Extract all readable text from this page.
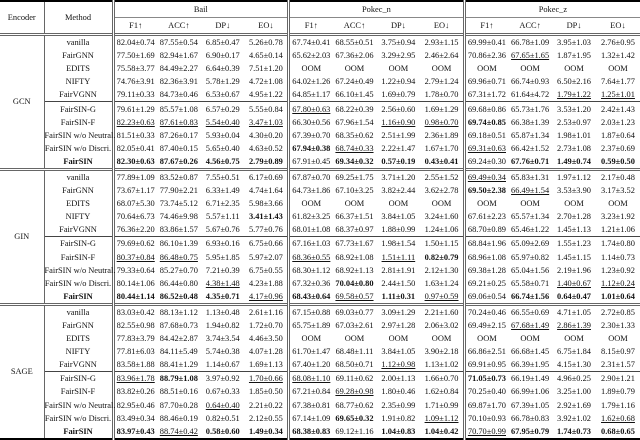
Encoder	Method	Bail				Pokec_n				Pokec_z			
		F1↑	ACC↑	DP↓	EO↓	F1↑	ACC↑	DP↓	EO↓	F1↑	ACC↑	DP↓	EO↓
GCN	vanilla	82.04±0.74	87.55±0.54	6.85±0.47	5.26±0.78	67.74±0.41	68.55±0.51	3.75±0.94	2.93±1.15	69.99±0.41	66.78±1.09	3.95±1.03	2.76±0.95
	FairGNN	77.50±1.69	82.94±1.67	6.90±0.17	4.65±0.14	65.62±2.03	67.36±2.06	3.29±2.95	2.46±2.64	70.86±2.36	67.65±1.65	1.87±1.95	1.32±1.42
	EDITS	75.58±3.77	84.49±2.27	6.64±0.39	7.51±1.20	OOM	OOM	OOM	OOM	OOM	OOM	OOM	OOM
	NIFTY	74.76±3.91	82.36±3.91	5.78±1.29	4.72±1.08	64.02±1.26	67.24±0.49	1.22±0.94	2.79±1.24	69.96±0.71	66.74±0.93	6.50±2.16	7.64±1.77
	FairVGNN	79.11±0.33	84.73±0.46	6.53±0.67	4.95±1.22	64.85±1.17	66.10±1.45	1.69±0.79	1.78±0.70	67.31±1.72	61.64±4.72	1.79±1.22	1.25±1.01
	FairSIN-G	79.61±1.29	85.57±1.08	6.57±0.29	5.55±0.84	67.80±0.63	68.22±0.39	2.56±0.60	1.69±1.29	69.68±0.86	65.73±1.76	3.53±1.20	2.42±1.43
	FairSIN-F	82.23±0.63	87.61±0.83	5.54±0.40	3.47±1.03	66.30±0.56	67.96±1.54	1.16±0.90	0.98±0.70	69.74±0.85	66.38±1.39	2.53±0.97	2.03±1.23
	FairSIN w/o Neutral.	81.51±0.33	87.26±0.17	5.93±0.04	4.30±0.20	67.39±0.70	68.35±0.62	2.51±1.99	2.36±1.89	69.18±0.51	65.87±1.34	1.98±1.01	1.87±0.64
	FairSIN w/o Discri.	82.05±0.41	87.40±0.15	5.65±0.40	4.63±0.52	67.94±0.38	68.74±0.33	2.22±1.47	1.67±1.70	69.31±0.63	66.42±1.52	2.73±1.08	2.37±0.69
	FairSIN	82.30±0.63	87.67±0.26	4.56±0.75	2.79±0.89	67.91±0.45	69.34±0.32	0.57±0.19	0.43±0.41	69.24±0.30	67.76±0.71	1.49±0.74	0.59±0.50
GIN	vanilla	77.89±1.09	83.52±0.87	7.55±0.51	6.17±0.69	67.87±0.70	69.25±1.75	3.71±1.20	2.55±1.52	69.49±0.34	65.83±1.31	1.97±1.12	2.17±0.48
	FairGNN	73.67±1.17	77.90±2.21	6.33±1.49	4.74±1.64	64.73±1.86	67.10±3.25	3.82±2.44	3.62±2.78	69.50±2.38	66.49±1.54	3.53±3.90	3.17±3.52
	EDITS	68.07±5.30	73.74±5.12	6.71±2.35	5.98±3.66	OOM	OOM	OOM	OOM	OOM	OOM	OOM	OOM
	NIFTY	70.64±6.73	74.46±9.98	5.57±1.11	3.41±1.43	61.82±3.25	66.37±1.51	3.84±1.05	3.24±1.60	67.61±2.23	65.57±1.34	2.70±1.28	3.23±1.92
	FairVGNN	76.36±2.20	83.86±1.57	5.67±0.76	5.77±0.76	68.01±1.08	68.37±0.97	1.88±0.99	1.24±1.06	68.70±0.89	65.46±1.22	1.45±1.13	1.21±1.06
	FairSIN-G	79.69±0.62	86.10±1.39	6.93±0.16	6.75±0.66	67.16±1.03	67.73±1.67	1.98±1.54	1.50±1.15	68.84±1.96	65.09±2.69	1.55±1.23	1.74±0.80
	FairSIN-F	80.37±0.84	86.48±0.75	5.95±1.85	5.97±2.07	68.36±0.55	68.92±1.08	1.51±1.11	0.82±0.79	68.96±1.08	65.97±0.82	1.45±1.15	1.14±0.73
	FairSIN w/o Neutral.	79.33±0.64	85.27±0.70	7.21±0.39	6.75±0.55	68.30±1.12	68.92±1.13	2.81±1.91	2.12±1.30	69.38±1.28	65.04±1.56	2.19±1.96	1.23±0.92
	FairSIN w/o Discri.	80.14±1.06	86.44±0.80	4.38±1.48	4.23±1.88	67.32±0.36	70.04±0.80	2.44±1.50	1.63±1.24	69.21±0.25	65.58±0.71	1.40±0.67	1.12±0.24
	FairSIN	80.44±1.14	86.52±0.48	4.35±0.71	4.17±0.96	68.43±0.64	69.58±0.57	1.11±0.31	0.97±0.59	69.06±0.54	66.74±1.56	0.64±0.47	1.01±0.64
SAGE	vanilla	83.03±0.42	88.13±1.12	1.13±0.48	2.61±1.16	67.15±0.88	69.03±0.77	3.09±1.29	2.21±1.60	70.24±0.46	66.55±0.69	4.71±1.05	2.72±0.85
	FairGNN	82.55±0.98	87.68±0.73	1.94±0.82	1.72±0.70	65.75±1.89	67.03±2.61	2.97±1.28	2.06±3.02	69.49±2.15	67.68±1.49	2.86±1.39	2.30±1.33
	EDITS	77.83±3.79	84.42±2.87	3.74±3.54	4.46±3.50	OOM	OOM	OOM	OOM	OOM	OOM	OOM	OOM
	NIFTY	77.81±6.03	84.11±5.49	5.74±0.38	4.07±1.28	61.70±1.47	68.48±1.11	3.84±1.05	3.90±2.18	66.86±2.51	66.68±1.45	6.75±1.84	8.15±0.97
	FairVGNN	83.58±1.88	88.41±1.29	1.14±0.67	1.69±1.13	67.40±1.20	68.50±0.71	1.12±0.98	1.13±1.02	69.91±0.95	66.39±1.95	4.15±1.30	2.31±1.57
	FairSIN-G	83.96±1.78	88.79±1.08	3.97±0.92	1.70±0.66	68.08±1.10	69.11±0.62	2.00±1.13	1.66±0.70	71.05±0.73	66.19±1.49	4.96±0.25	2.90±1.21
	FairSIN-F	83.82±0.26	88.51±0.16	0.67±0.33	1.85±0.50	67.21±0.84	69.28±0.98	1.80±0.46	1.62±0.84	70.25±0.40	66.99±1.06	3.25±1.00	1.89±0.79
	FairSIN w/o Neutral.	82.95±0.46	87.70±0.28	0.64±0.40	2.21±0.22	67.38±0.81	68.77±0.62	2.35±0.99	1.71±0.99	69.87±1.70	67.39±1.05	2.92±1.69	1.79±1.16
	FairSIN w/o Discri.	83.49±0.34	88.46±0.19	0.82±0.51	2.12±0.55	67.14±1.09	69.65±0.32	1.91±0.82	1.09±1.12	70.10±0.93	66.78±0.83	3.92±1.02	1.62±0.68
	FairSIN	83.97±0.43	88.74±0.42	0.58±0.60	1.49±0.34	68.38±0.83	69.12±1.16	1.04±0.83	1.04±0.42	70.70±0.99	67.95±0.79	1.74±0.73	0.68±0.65
